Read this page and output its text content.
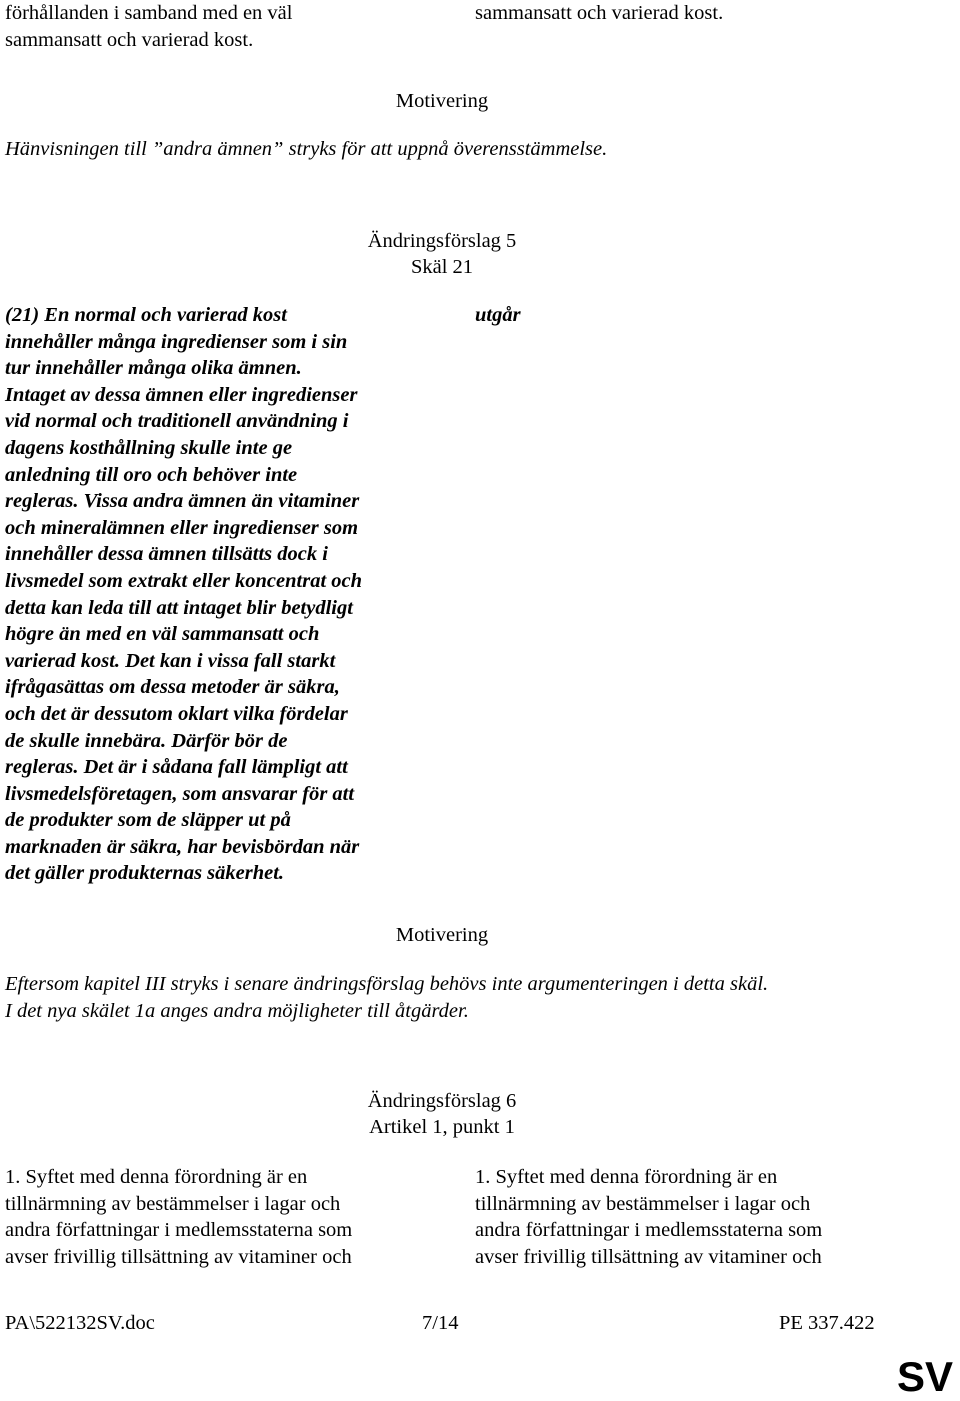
förhållanden i samband med en väl
sammansatt och varierad kost.
sammansatt och varierad kost.
Motivering
Hänvisningen till ”andra ämnen” stryks för att uppnå överensstämmelse.
Ändringsförslag 5
Skäl 21
(21) En normal och varierad kost
innehåller många ingredienser som i sin
tur innehåller många olika ämnen.
Intaget av dessa ämnen eller ingredienser
vid normal och traditionell användning i
dagens kosthållning skulle inte ge
anledning till oro och behöver inte
regleras. Vissa andra ämnen än vitaminer
och mineralämnen eller ingredienser som
innehåller dessa ämnen tillsätts dock i
livsmedel som extrakt eller koncentrat och
detta kan leda till att intaget blir betydligt
högre än med en väl sammansatt och
varierad kost. Det kan i vissa fall starkt
ifrågasättas om dessa metoder är säkra,
och det är dessutom oklart vilka fördelar
de skulle innebära. Därför bör de
regleras. Det är i sådana fall lämpligt att
livsmedelsföretagen, som ansvarar för att
de produkter som de släpper ut på
marknaden är säkra, har bevisbördan när
det gäller produkternas säkerhet.
utgår
Motivering
Eftersom kapitel III stryks i senare ändringsförslag behövs inte argumenteringen i detta skäl.
I det nya skälet 1a anges andra möjligheter till åtgärder.
Ändringsförslag 6
Artikel 1, punkt 1
1. Syftet med denna förordning är en
tillnärmning av bestämmelser i lagar och
andra författningar i medlemsstaterna som
avser frivillig tillsättning av vitaminer och
1. Syftet med denna förordning är en
tillnärmning av bestämmelser i lagar och
andra författningar i medlemsstaterna som
avser frivillig tillsättning av vitaminer och
PA\522132SV.doc	7/14	PE 337.422
SV
